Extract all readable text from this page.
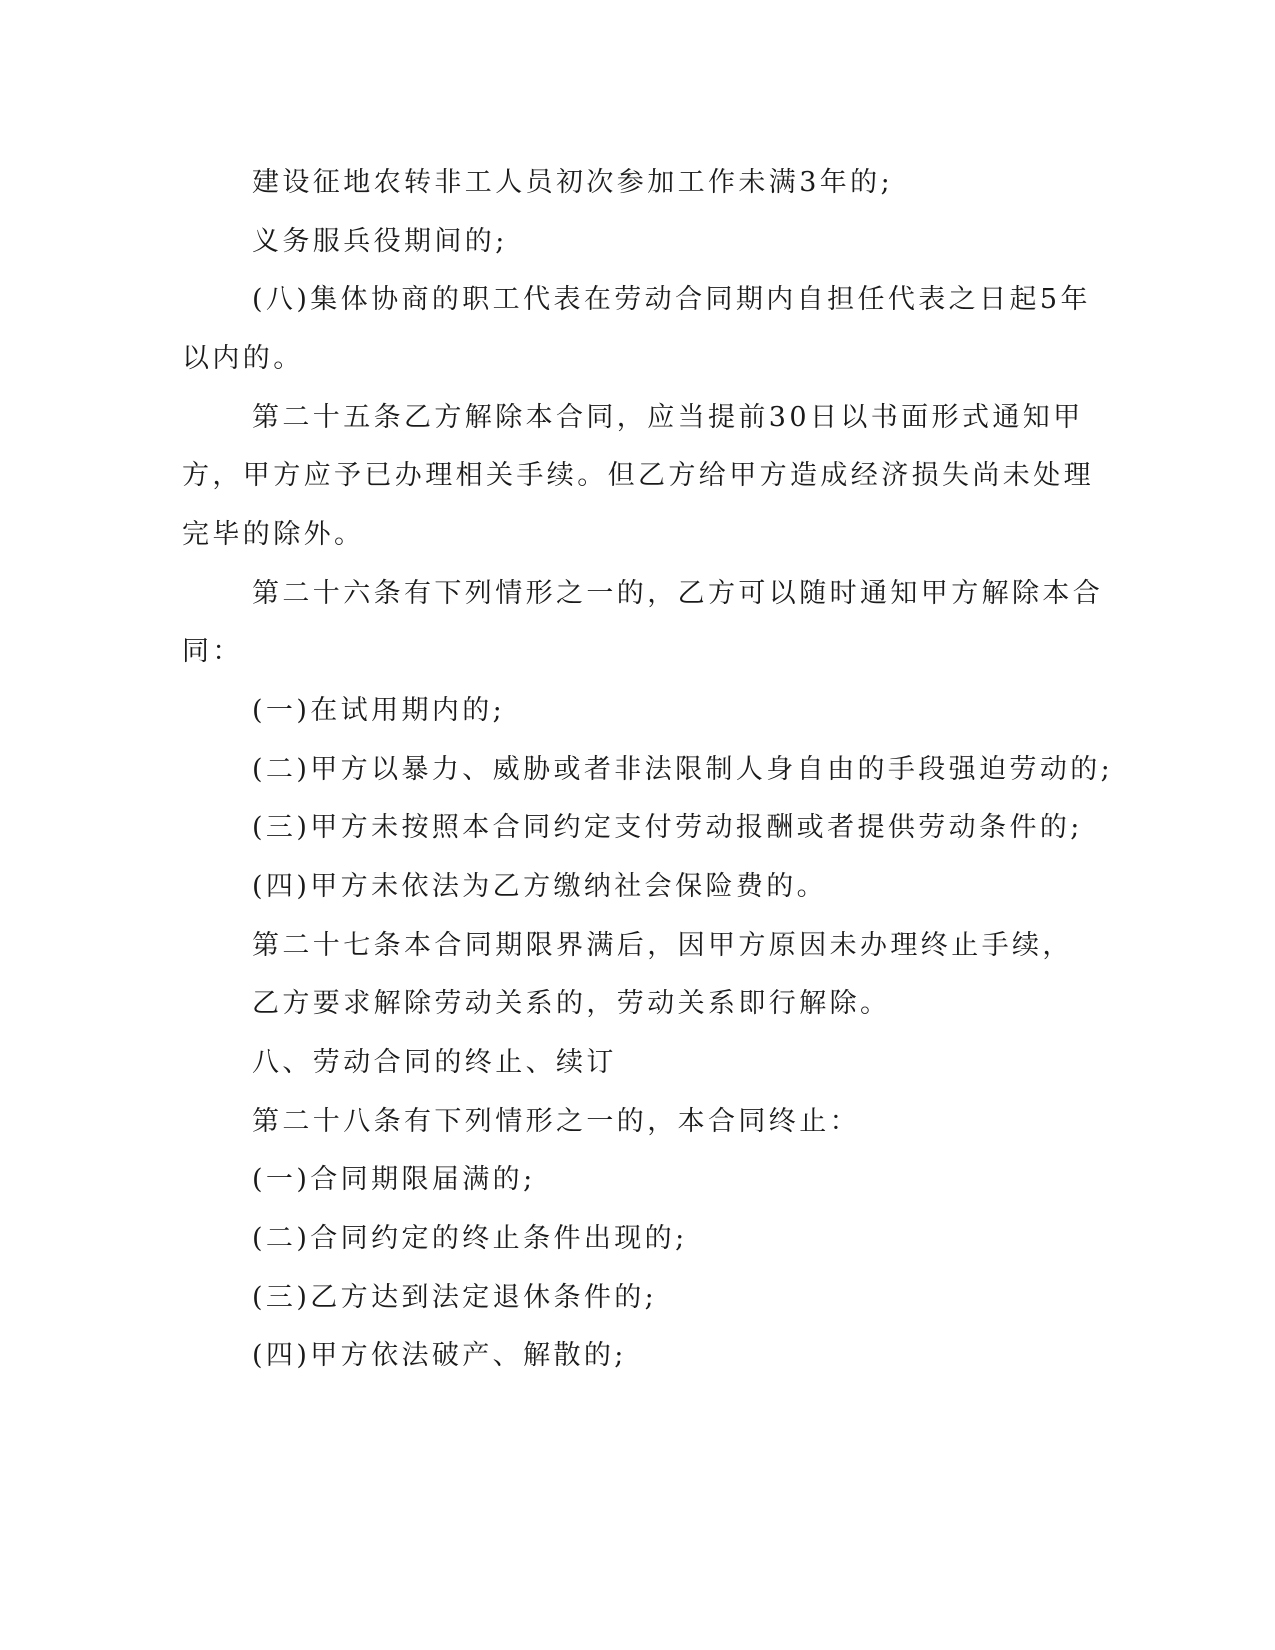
建设征地农转非工人员初次参加工作未满3年的;
义务服兵役期间的;
(八)集体协商的职工代表在劳动合同期内自担任代表之日起5年
以内的。
第二十五条乙方解除本合同，应当提前30日以书面形式通知甲
方，甲方应予已办理相关手续。但乙方给甲方造成经济损失尚未处理
完毕的除外。
第二十六条有下列情形之一的，乙方可以随时通知甲方解除本合
同：
(一)在试用期内的;
(二)甲方以暴力、威胁或者非法限制人身自由的手段强迫劳动的;
(三)甲方未按照本合同约定支付劳动报酬或者提供劳动条件的;
(四)甲方未依法为乙方缴纳社会保险费的。
第二十七条本合同期限界满后，因甲方原因未办理终止手续，
乙方要求解除劳动关系的，劳动关系即行解除。
八、劳动合同的终止、续订
第二十八条有下列情形之一的，本合同终止：
(一)合同期限届满的;
(二)合同约定的终止条件出现的;
(三)乙方达到法定退休条件的;
(四)甲方依法破产、解散的;
